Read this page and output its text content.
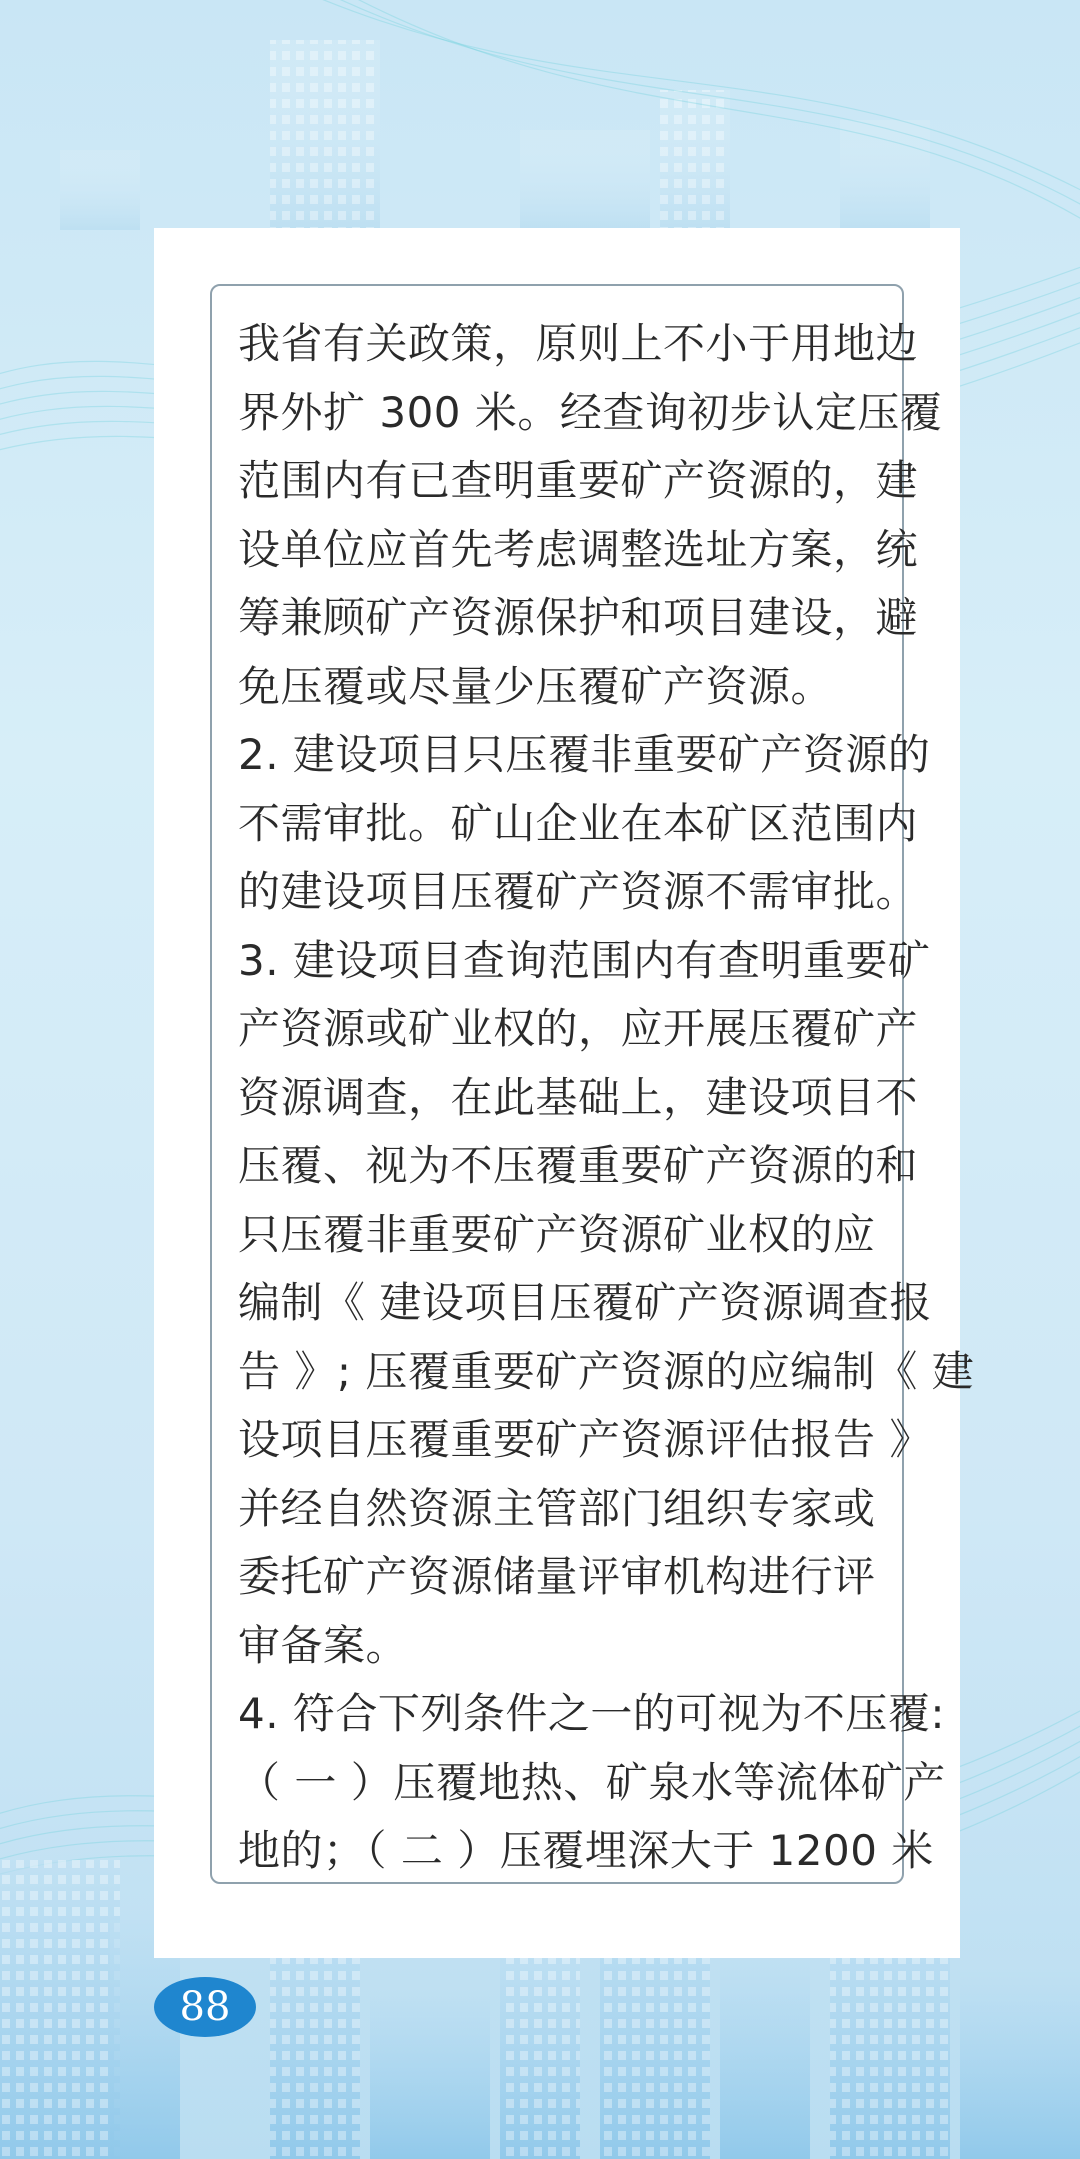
我省有关政策，原则上不小于用地边
界外扩 300 米。经查询初步认定压覆
范围内有已查明重要矿产资源的，建
设单位应首先考虑调整选址方案，统
筹兼顾矿产资源保护和项目建设，避
免压覆或尽量少压覆矿产资源。
2. 建设项目只压覆非重要矿产资源的
不需审批。矿山企业在本矿区范围内
的建设项目压覆矿产资源不需审批。
3. 建设项目查询范围内有查明重要矿
产资源或矿业权的，应开展压覆矿产
资源调查，在此基础上，建设项目不
压覆、视为不压覆重要矿产资源的和
只压覆非重要矿产资源矿业权的应
编制《 建设项目压覆矿产资源调查报
告 》; 压覆重要矿产资源的应编制《 建
设项目压覆重要矿产资源评估报告 》
并经自然资源主管部门组织专家或
委托矿产资源储量评审机构进行评
审备案。
4. 符合下列条件之一的可视为不压覆:
（ 一 ）压覆地热、矿泉水等流体矿产
地的；（ 二 ）压覆埋深大于 1200 米

88
